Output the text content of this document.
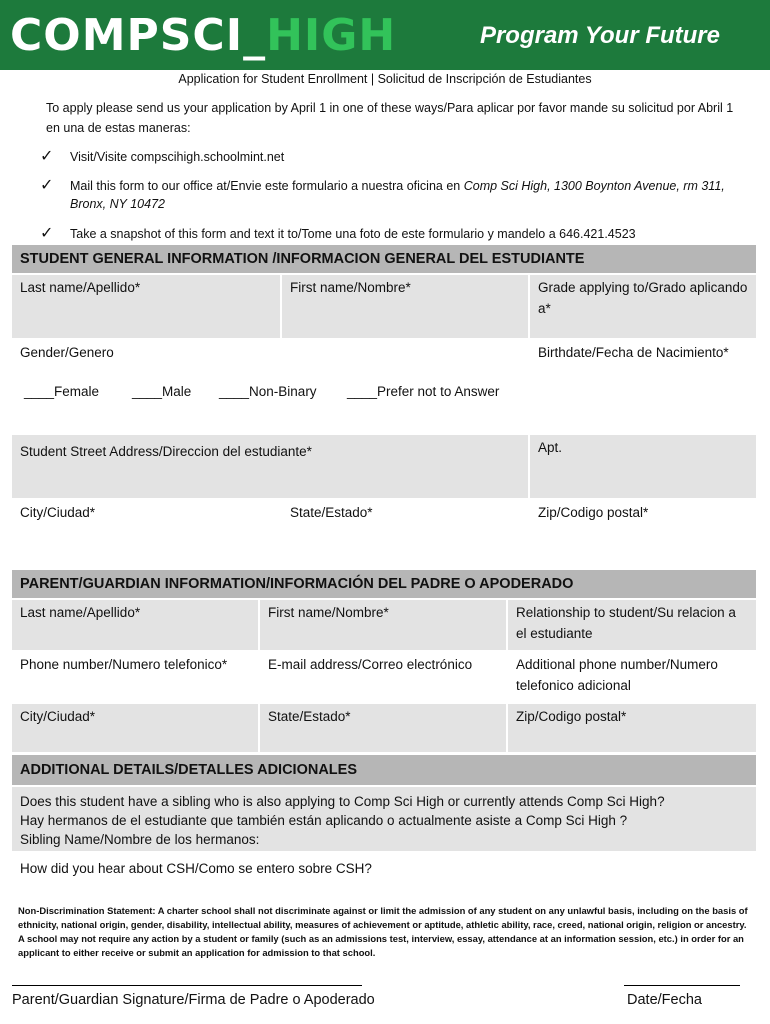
COMPSCI_HIGH	Program Your Future
Application for Student Enrollment | Solicitud de Inscripción de Estudiantes
To apply please send us your application by April 1 in one of these ways/Para aplicar por favor mande su solicitud por Abril 1 en una de estas maneras:
✓ Visit/Visite compscihigh.schoolmint.net
✓ Mail this form to our office at/Envie este formulario a nuestra oficina en Comp Sci High, 1300 Boynton Avenue, rm 311, Bronx, NY 10472
✓ Take a snapshot of this form and text it to/Tome una foto de este formulario y mandelo a 646.421.4523
STUDENT GENERAL INFORMATION /INFORMACION GENERAL DEL ESTUDIANTE
Last name/Apellido*	First name/Nombre*	Grade applying to/Grado aplicando a*
Gender/Genero
____Female ____Male ____Non-Binary ____Prefer not to Answer
Birthdate/Fecha de Nacimiento*
Student Street Address/Direccion del estudiante*	Apt.
City/Ciudad*	State/Estado*	Zip/Codigo postal*
PARENT/GUARDIAN INFORMATION/INFORMACIÓN DEL PADRE O APODERADO
Last name/Apellido*	First name/Nombre*	Relationship to student/Su relacion a el estudiante
Phone number/Numero telefonico*	E-mail address/Correo electrónico	Additional phone number/Numero telefonico adicional
City/Ciudad*	State/Estado*	Zip/Codigo postal*
ADDITIONAL DETAILS/DETALLES ADICIONALES
Does this student have a sibling who is also applying to Comp Sci High or currently attends Comp Sci High?
Hay hermanos de el estudiante que también están aplicando o actualmente asiste a Comp Sci High ?
Sibling Name/Nombre de los hermanos:
How did you hear about CSH/Como se entero sobre CSH?
Non-Discrimination Statement: A charter school shall not discriminate against or limit the admission of any student on any unlawful basis, including on the basis of ethnicity, national origin, gender, disability, intellectual ability, measures of achievement or aptitude, athletic ability, race, creed, national origin, religion or ancestry. A school may not require any action by a student or family (such as an admissions test, interview, essay, attendance at an information session, etc.) in order for an applicant to either receive or submit an application for admission to that school.
Parent/Guardian Signature/Firma de Padre o Apoderado	Date/Fecha
